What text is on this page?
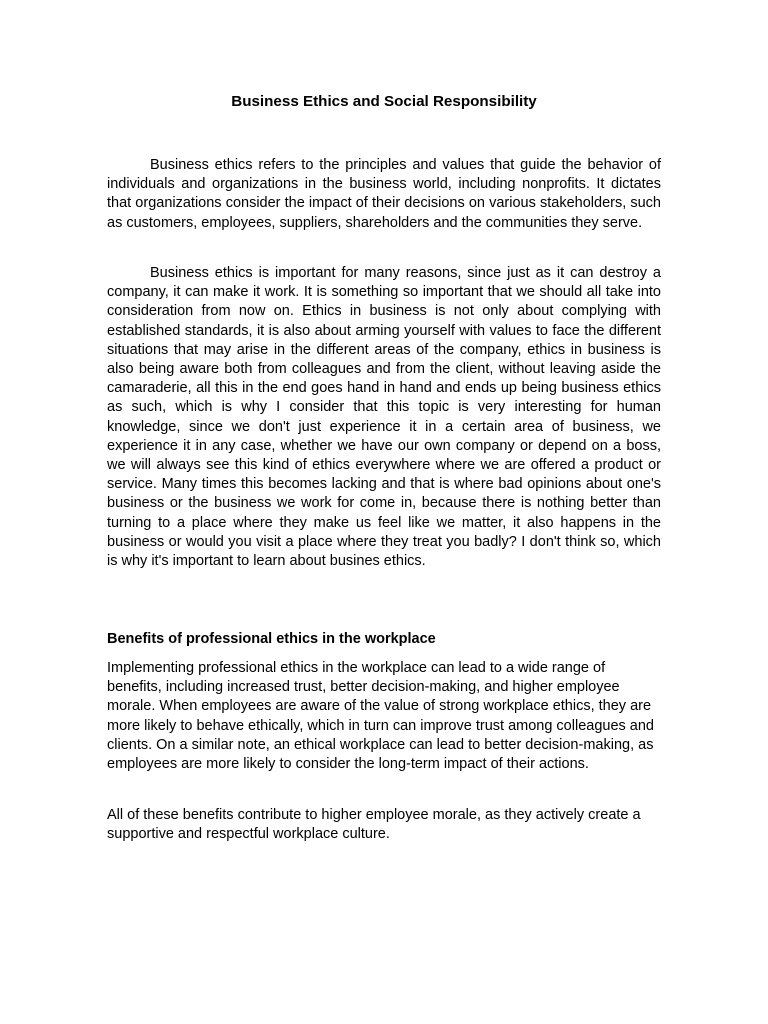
Business Ethics and Social Responsibility

Business ethics refers to the principles and values that guide the behavior of individuals and organizations in the business world, including nonprofits. It dictates that organizations consider the impact of their decisions on various stakeholders, such as customers, employees, suppliers, shareholders and the communities they serve.

Business ethics is important for many reasons, since just as it can destroy a company, it can make it work. It is something so important that we should all take into consideration from now on. Ethics in business is not only about complying with established standards, it is also about arming yourself with values to face the different situations that may arise in the different areas of the company, ethics in business is also being aware both from colleagues and from the client, without leaving aside the camaraderie, all this in the end goes hand in hand and ends up being business ethics as such, which is why I consider that this topic is very interesting for human knowledge, since we don't just experience it in a certain area of business, we experience it in any case, whether we have our own company or depend on a boss, we will always see this kind of ethics everywhere where we are offered a product or service. Many times this becomes lacking and that is where bad opinions about one's business or the business we work for come in, because there is nothing better than turning to a place where they make us feel like we matter, it also happens in the business or would you visit a place where they treat you badly? I don't think so, which is why it's important to learn about busines ethics.

Benefits of professional ethics in the workplace

Implementing professional ethics in the workplace can lead to a wide range of benefits, including increased trust, better decision-making, and higher employee morale. When employees are aware of the value of strong workplace ethics, they are more likely to behave ethically, which in turn can improve trust among colleagues and clients. On a similar note, an ethical workplace can lead to better decision-making, as employees are more likely to consider the long-term impact of their actions.

All of these benefits contribute to higher employee morale, as they actively create a supportive and respectful workplace culture.
